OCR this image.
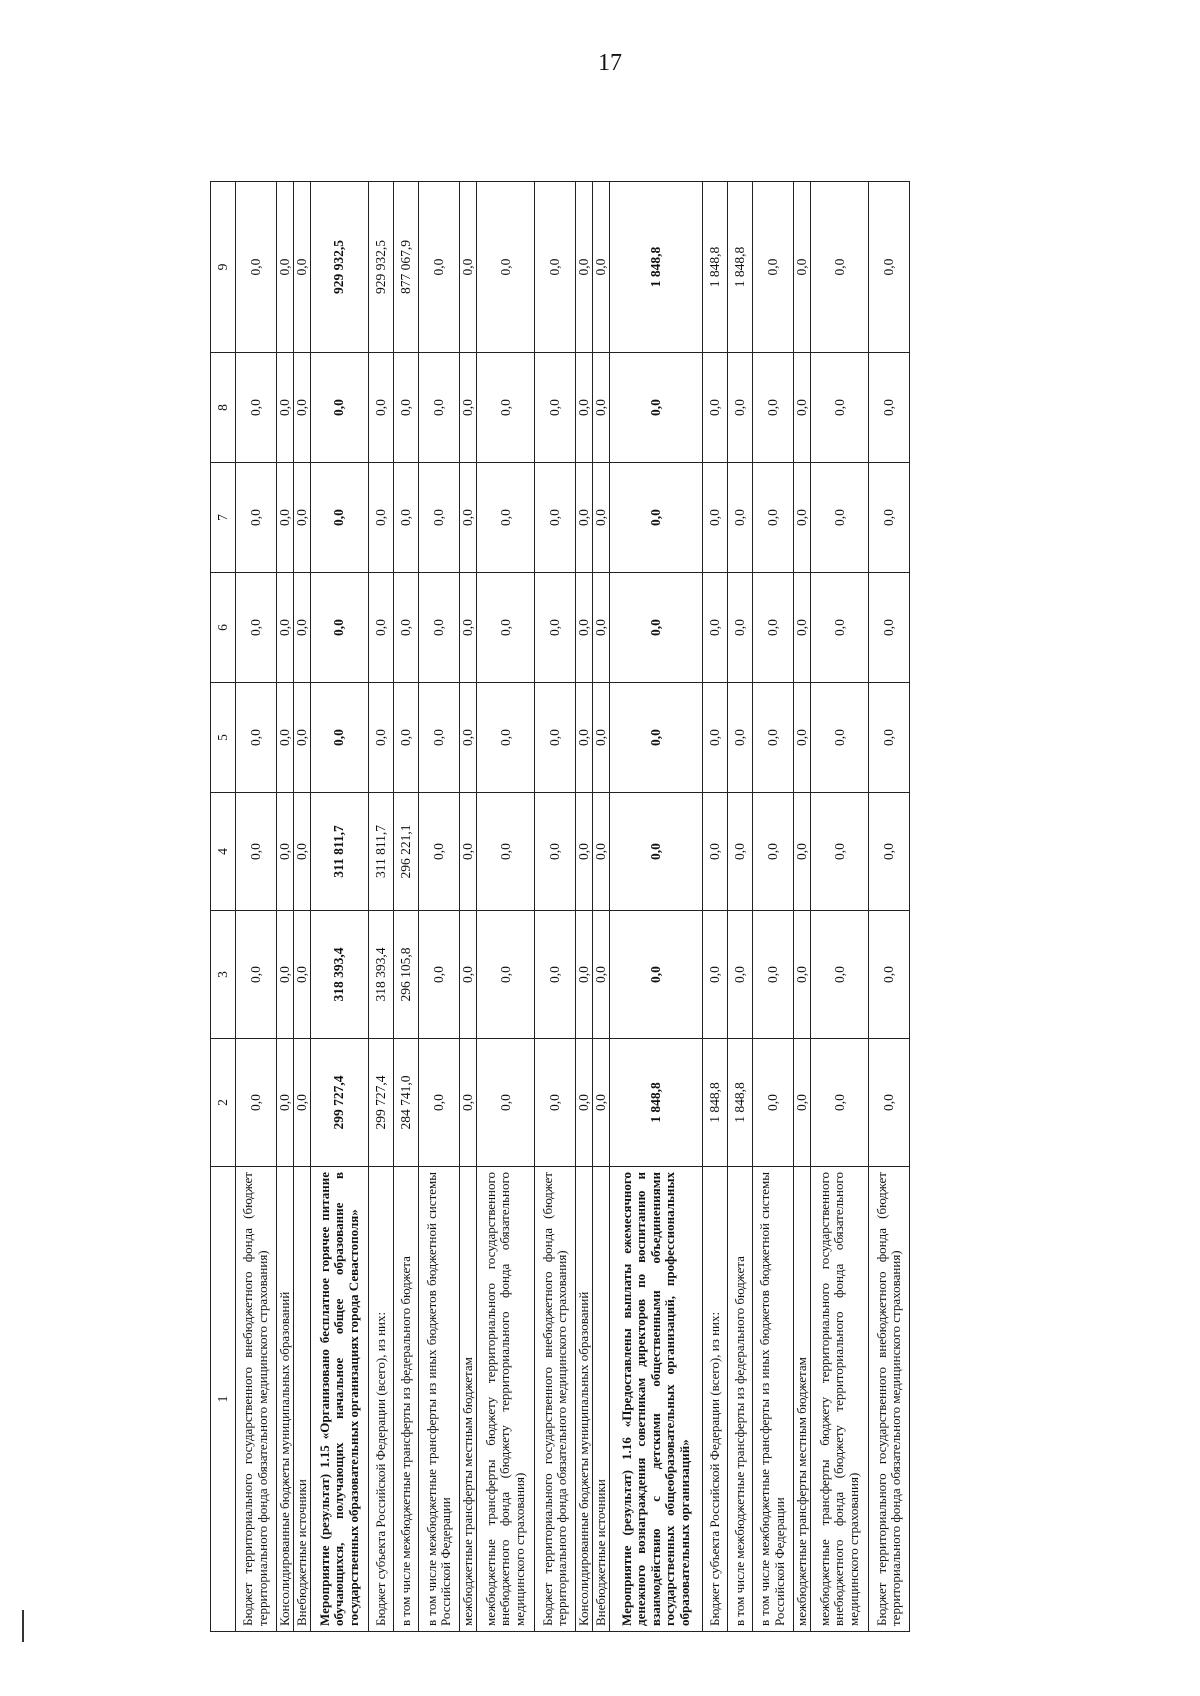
17
1	2	3	4	5	6	7	8	9
Бюджет территориального государственного внебюджетного фонда (бюджет территориального фонда обязательного медицинского страхования)	0,0	0,0	0,0	0,0	0,0	0,0	0,0	0,0
Консолидированные бюджеты муниципальных образований	0,0	0,0	0,0	0,0	0,0	0,0	0,0	0,0
Внебюджетные источники	0,0	0,0	0,0	0,0	0,0	0,0	0,0	0,0
Мероприятие (результат) 1.15 «Организовано бесплатное горячее питание обучающихся, получающих начальное общее образование в государственных образовательных организациях города Севастополя»	299 727,4	318 393,4	311 811,7	0,0	0,0	0,0	0,0	929 932,5
Бюджет субъекта Российской Федерации (всего), из них:	299 727,4	318 393,4	311 811,7	0,0	0,0	0,0	0,0	929 932,5
в том числе межбюджетные трансферты из федерального бюджета	284 741,0	296 105,8	296 221,1	0,0	0,0	0,0	0,0	877 067,9
в том числе межбюджетные трансферты из иных бюджетов бюджетной системы Российской Федерации	0,0	0,0	0,0	0,0	0,0	0,0	0,0	0,0
межбюджетные трансферты местным бюджетам	0,0	0,0	0,0	0,0	0,0	0,0	0,0	0,0
межбюджетные трансферты бюджету территориального государственного внебюджетного фонда (бюджету территориального фонда обязательного медицинского страхования)	0,0	0,0	0,0	0,0	0,0	0,0	0,0	0,0
Бюджет территориального государственного внебюджетного фонда (бюджет территориального фонда обязательного медицинского страхования)	0,0	0,0	0,0	0,0	0,0	0,0	0,0	0,0
Консолидированные бюджеты муниципальных образований	0,0	0,0	0,0	0,0	0,0	0,0	0,0	0,0
Внебюджетные источники	0,0	0,0	0,0	0,0	0,0	0,0	0,0	0,0
Мероприятие (результат) 1.16 «Предоставлены выплаты ежемесячного денежного вознаграждения советникам директоров по воспитанию и взаимодействию с детскими общественными объединениями государственных общеобразовательных организаций, профессиональных образовательных организаций»	1 848,8	0,0	0,0	0,0	0,0	0,0	0,0	1 848,8
Бюджет субъекта Российской Федерации (всего), из них:	1 848,8	0,0	0,0	0,0	0,0	0,0	0,0	1 848,8
в том числе межбюджетные трансферты из федерального бюджета	1 848,8	0,0	0,0	0,0	0,0	0,0	0,0	1 848,8
в том числе межбюджетные трансферты из иных бюджетов бюджетной системы Российской Федерации	0,0	0,0	0,0	0,0	0,0	0,0	0,0	0,0
межбюджетные трансферты местным бюджетам	0,0	0,0	0,0	0,0	0,0	0,0	0,0	0,0
межбюджетные трансферты бюджету территориального государственного внебюджетного фонда (бюджету территориального фонда обязательного медицинского страхования)	0,0	0,0	0,0	0,0	0,0	0,0	0,0	0,0
Бюджет территориального государственного внебюджетного фонда (бюджет территориального фонда обязательного медицинского страхования)	0,0	0,0	0,0	0,0	0,0	0,0	0,0	0,0
